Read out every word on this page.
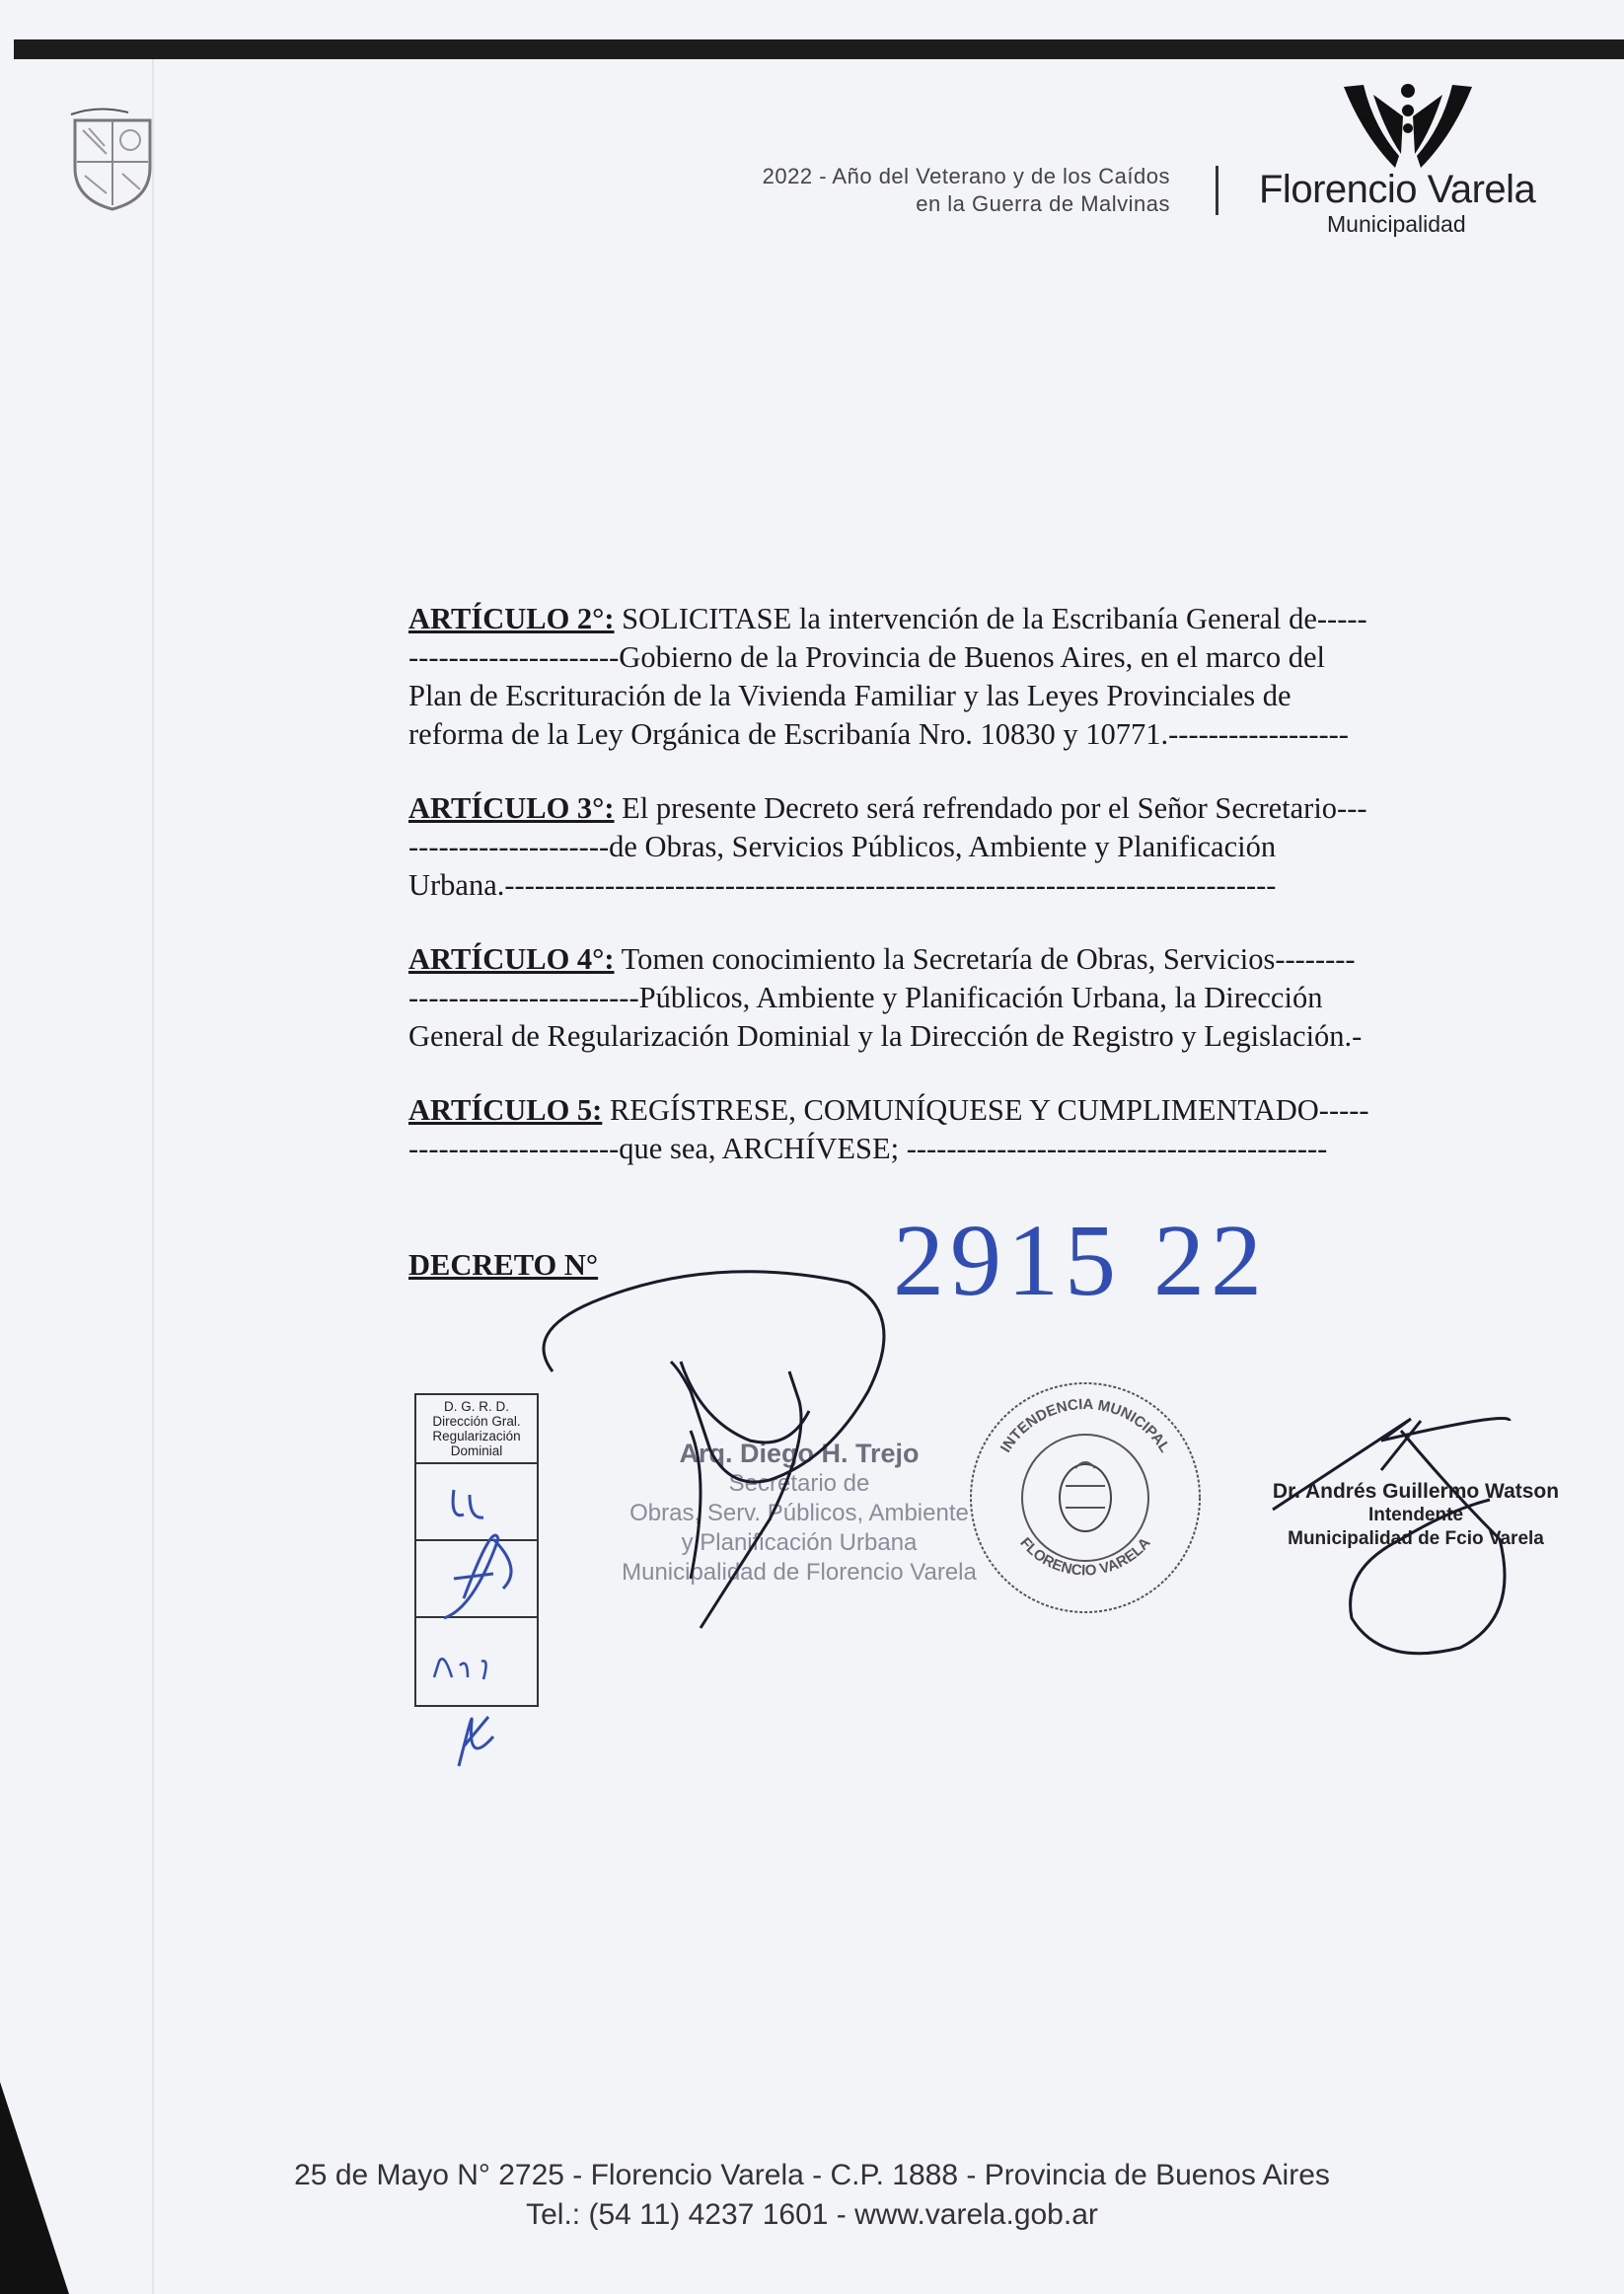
2022 - Año del Veterano y de los Caídos
en la Guerra de Malvinas Florencio Varela
Municipalidad
ARTÍCULO 2°: SOLICITASE la intervención de la Escribanía General de-----
---------------------Gobierno de la Provincia de Buenos Aires, en el marco del
Plan de Escrituración de la Vivienda Familiar y las Leyes Provinciales de
reforma de la Ley Orgánica de Escribanía Nro. 10830 y 10771.------------------
ARTÍCULO 3°: El presente Decreto será refrendado por el Señor Secretario---
--------------------de Obras, Servicios Públicos, Ambiente y Planificación
Urbana.-----------------------------------------------------------------------------
ARTÍCULO 4°: Tomen conocimiento la Secretaría de Obras, Servicios--------
-----------------------Públicos, Ambiente y Planificación Urbana, la Dirección
General de Regularización Dominial y la Dirección de Registro y Legislación.-
ARTÍCULO 5: REGÍSTRESE, COMUNÍQUESE Y CUMPLIMENTADO-----
---------------------que sea, ARCHÍVESE; ------------------------------------------
DECRETO N°	2915 22
D. G. R. D.
Dirección Gral.
Regularización
Dominial	Arq. Diego H. Trejo
Secretario de
Obras, Serv. Públicos, Ambiente
y Planificación Urbana
Municipalidad de Florencio Varela
INTENDENCIA MUNICIPAL
FLORENCIO VARELA
Dr. Andrés Guillermo Watson
Intendente
Municipalidad de Fcio Varela
25 de Mayo N° 2725 - Florencio Varela - C.P. 1888 - Provincia de Buenos Aires
Tel.: (54 11) 4237 1601 - www.varela.gob.ar
